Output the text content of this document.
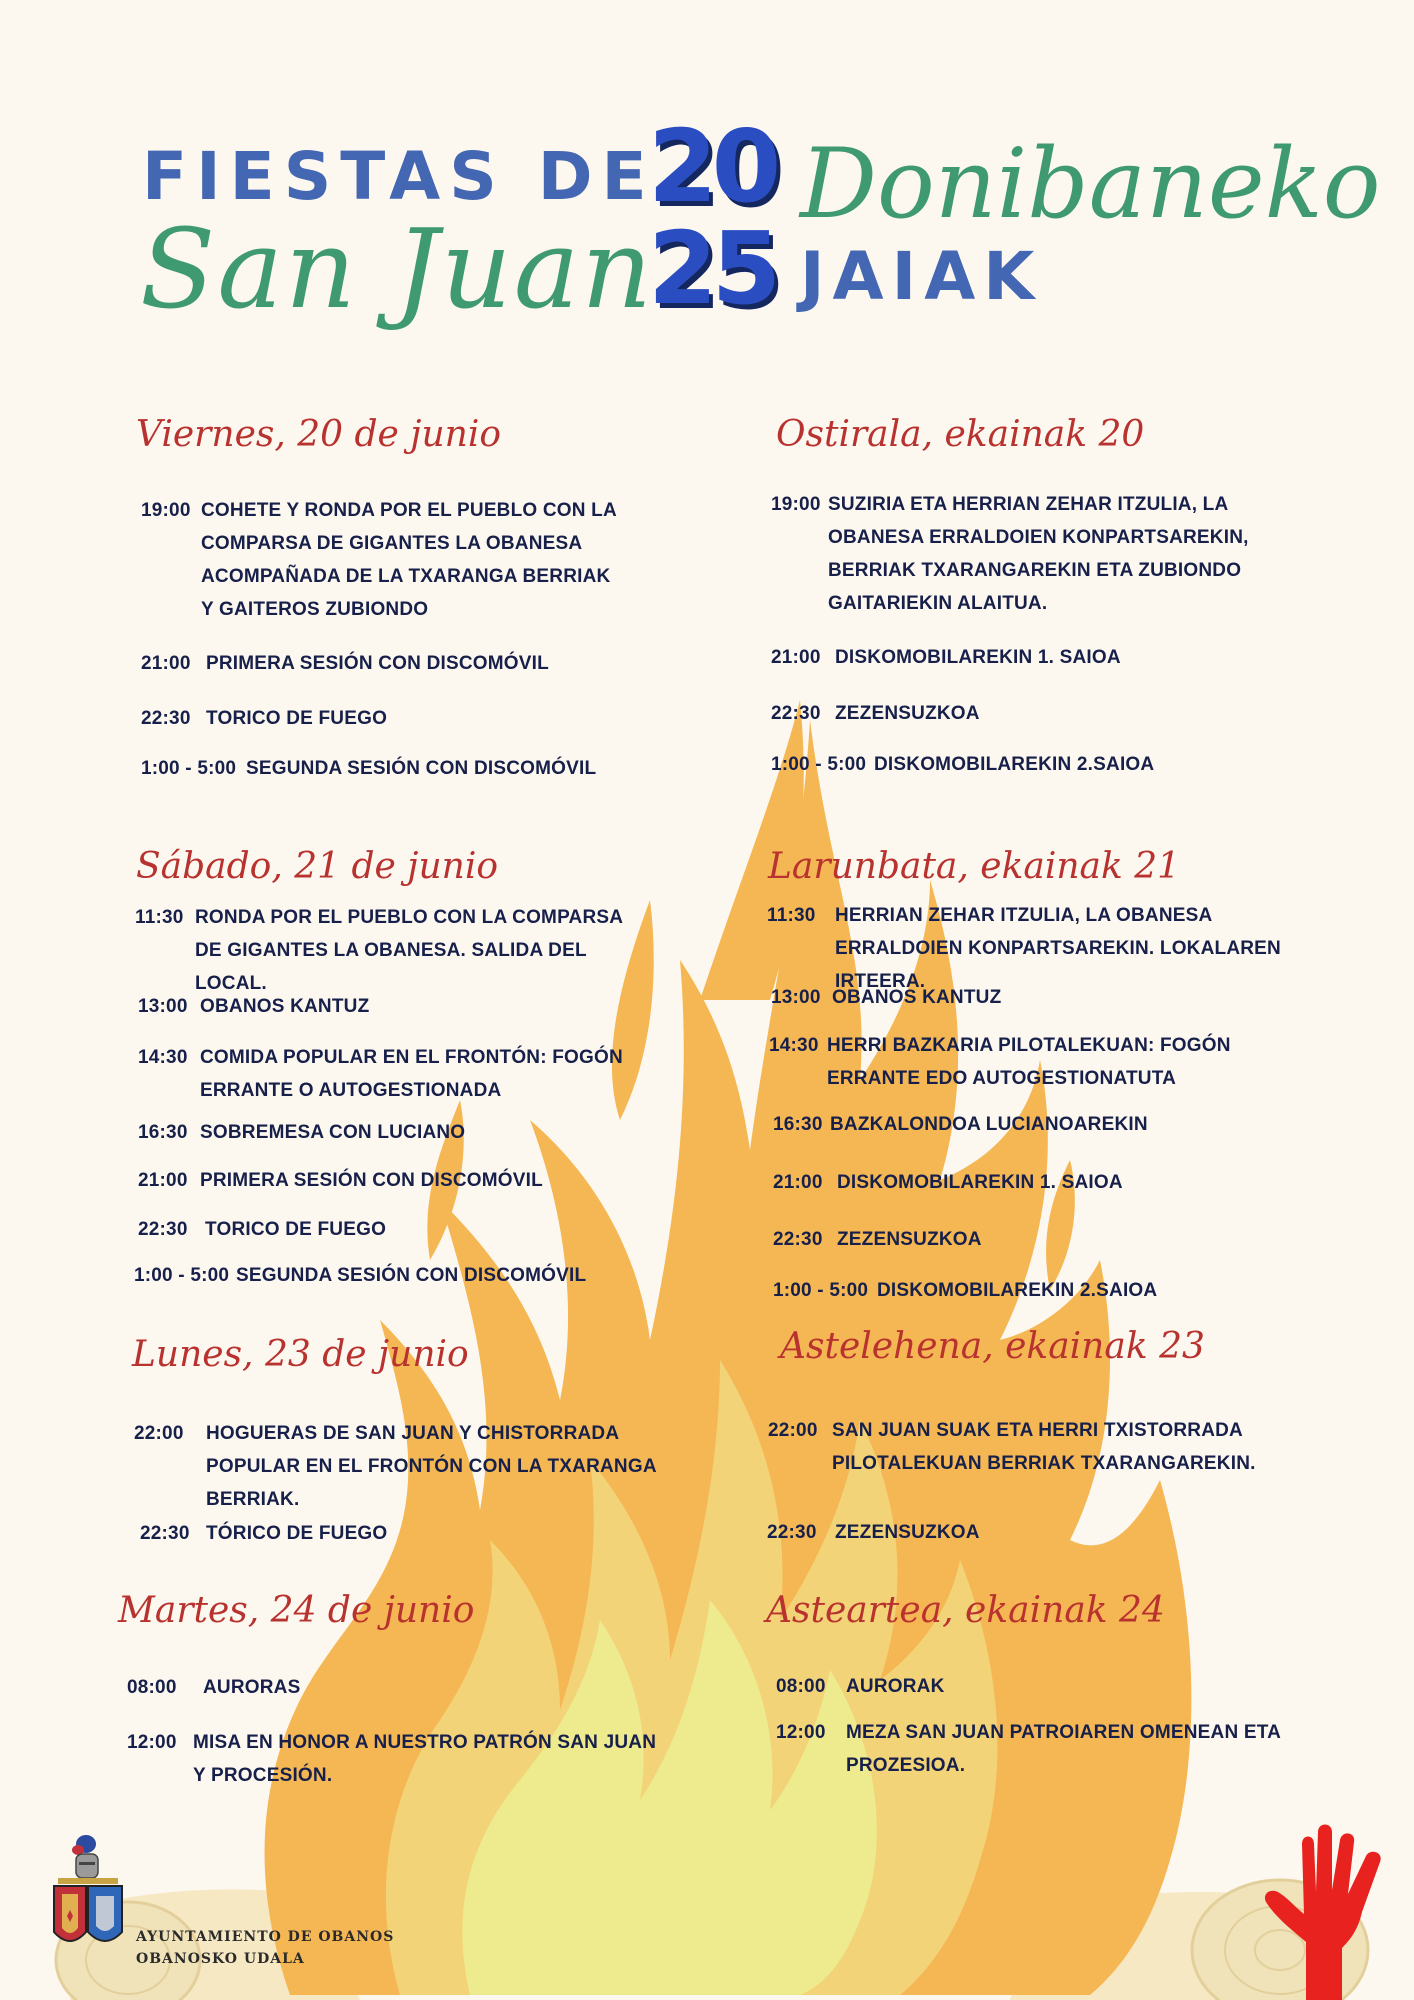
FIESTAS DE
San Juan
20
25
Donibaneko
JAIAK
Viernes, 20 de junio
19:00 COHETE Y RONDA POR EL PUEBLO CON LA COMPARSA DE GIGANTES LA OBANESA ACOMPAÑADA DE LA TXARANGA BERRIAK Y GAITEROS ZUBIONDO
21:00 PRIMERA SESIÓN CON DISCOMÓVIL
22:30 TORICO DE FUEGO
1:00 - 5:00 SEGUNDA SESIÓN CON DISCOMÓVIL
Sábado, 21 de junio
11:30 RONDA POR EL PUEBLO CON LA COMPARSA DE GIGANTES LA OBANESA. SALIDA DEL LOCAL.
13:00 OBANOS KANTUZ
14:30 COMIDA POPULAR EN EL FRONTÓN: FOGÓN ERRANTE O AUTOGESTIONADA
16:30 SOBREMESA CON LUCIANO
21:00 PRIMERA SESIÓN CON DISCOMÓVIL
22:30 TORICO DE FUEGO
1:00 - 5:00 SEGUNDA SESIÓN CON DISCOMÓVIL
Lunes, 23 de junio
22:00 HOGUERAS DE SAN JUAN Y CHISTORRADA POPULAR EN EL FRONTÓN CON LA TXARANGA BERRIAK.
22:30 TÓRICO DE FUEGO
Martes, 24 de junio
08:00 AURORAS
12:00 MISA EN HONOR A NUESTRO PATRÓN SAN JUAN Y PROCESIÓN.
Ostirala, ekainak 20
19:00 SUZIRIA ETA HERRIAN ZEHAR ITZULIA, LA OBANESA ERRALDOIEN KONPARTSAREKIN, BERRIAK TXARANGAREKIN ETA ZUBIONDO GAITARIEKIN ALAITUA.
21:00 DISKOMOBILAREKIN 1. SAIOA
22:30 ZEZENSUZKOA
1:00 - 5:00 DISKOMOBILAREKIN 2.SAIOA
Larunbata, ekainak 21
11:30 HERRIAN ZEHAR ITZULIA, LA OBANESA ERRALDOIEN KONPARTSAREKIN. LOKALAREN IRTEERA.
13:00 OBANOS KANTUZ
14:30 HERRI BAZKARIA PILOTALEKUAN: FOGÓN ERRANTE EDO AUTOGESTIONATUTA
16:30 BAZKALONDOA LUCIANOAREKIN
21:00 DISKOMOBILAREKIN 1. SAIOA
22:30 ZEZENSUZKOA
1:00 - 5:00 DISKOMOBILAREKIN 2.SAIOA
Astelehena, ekainak 23
22:00 SAN JUAN SUAK ETA HERRI TXISTORRADA PILOTALEKUAN BERRIAK TXARANGAREKIN.
22:30 ZEZENSUZKOA
Asteartea, ekainak 24
08:00 AURORAK
12:00 MEZA SAN JUAN PATROIAREN OMENEAN ETA PROZESIOA.
AYUNTAMIENTO DE OBANOS
OBANOSKO UDALA
